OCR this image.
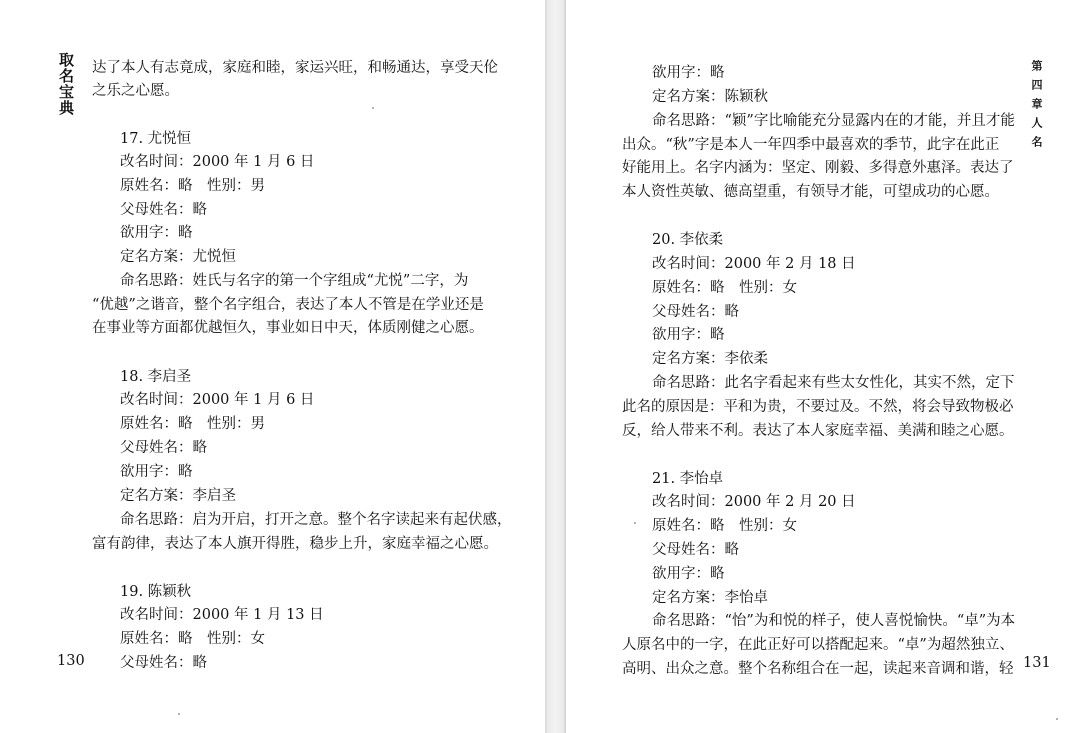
取名宝典 达了本人有志竟成，家庭和睦，家运兴旺，和畅通达，享受天伦
之乐之心愿。
17. 尤悦恒
改名时间：2000 年 1 月 6 日
原姓名：略　性别：男
父母姓名：略
欲用字：略
定名方案：尤悦恒
命名思路：姓氏与名字的第一个字组成“尤悦”二字，为
“优越”之谐音，整个名字组合，表达了本人不管是在学业还是
在事业等方面都优越恒久，事业如日中天，体质刚健之心愿。
18. 李启圣
改名时间：2000 年 1 月 6 日
原姓名：略　性别：男
父母姓名：略
欲用字：略
定名方案：李启圣
命名思路：启为开启，打开之意。整个名字读起来有起伏感，
富有韵律，表达了本人旗开得胜，稳步上升，家庭幸福之心愿。
19. 陈颖秋
改名时间：2000 年 1 月 13 日
原姓名：略　性别：女
父母姓名：略
130
欲用字：略
定名方案：陈颖秋
命名思路：“颖”字比喻能充分显露内在的才能，并且才能
出众。“秋”字是本人一年四季中最喜欢的季节，此字在此正
好能用上。名字内涵为：坚定、刚毅、多得意外惠泽。表达了
本人资性英敏、德高望重，有领导才能，可望成功的心愿。
20. 李依柔
改名时间：2000 年 2 月 18 日
原姓名：略　性别：女
父母姓名：略
欲用字：略
定名方案：李依柔
命名思路：此名字看起来有些太女性化，其实不然，定下
此名的原因是：平和为贵，不要过及。不然，将会导致物极必
反，给人带来不利。表达了本人家庭幸福、美满和睦之心愿。
21. 李怡卓
改名时间：2000 年 2 月 20 日
原姓名：略　性别：女
父母姓名：略
欲用字：略
定名方案：李怡卓
命名思路：“怡”为和悦的样子，使人喜悦愉快。“卓”为本
人原名中的一字，在此正好可以搭配起来。“卓”为超然独立、
高明、出众之意。整个名称组合在一起，读起来音调和谐，轻 131
第四章人名
